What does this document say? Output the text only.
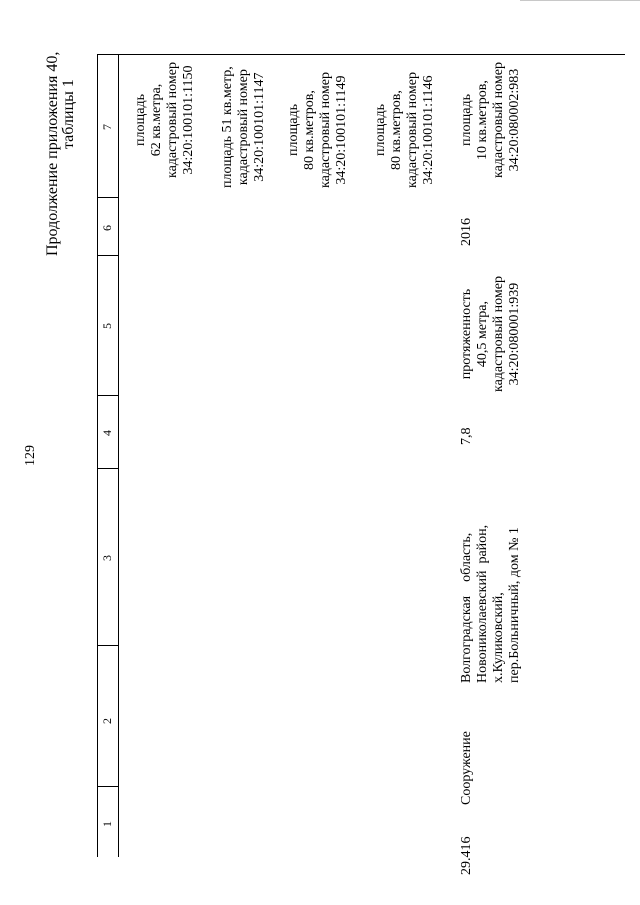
129
Продолжение приложения 40, таблицы 1
1
2
3
4
5
6
7 площадь
62 кв.метра,
кадастровый номер
34:20:100101:1150 площадь 51 кв.метр,
кадастровый номер
34:20:100101:1147 площадь
80 кв.метров,
кадастровый номер
34:20:100101:1149 площадь
80 кв.метров,
кадастровый номер
34:20:100101:1146
29.416
Сооружение
Волгоградская    область,
Новониколаевский  район,
х.Куликовский,
пер.Больничный, дом № 1
7,8
протяженность
40,5 метра,
кадастровый номер
34:20:080001:939
2016
площадь
10 кв.метров,
кадастровый номер
34:20:080002:983
